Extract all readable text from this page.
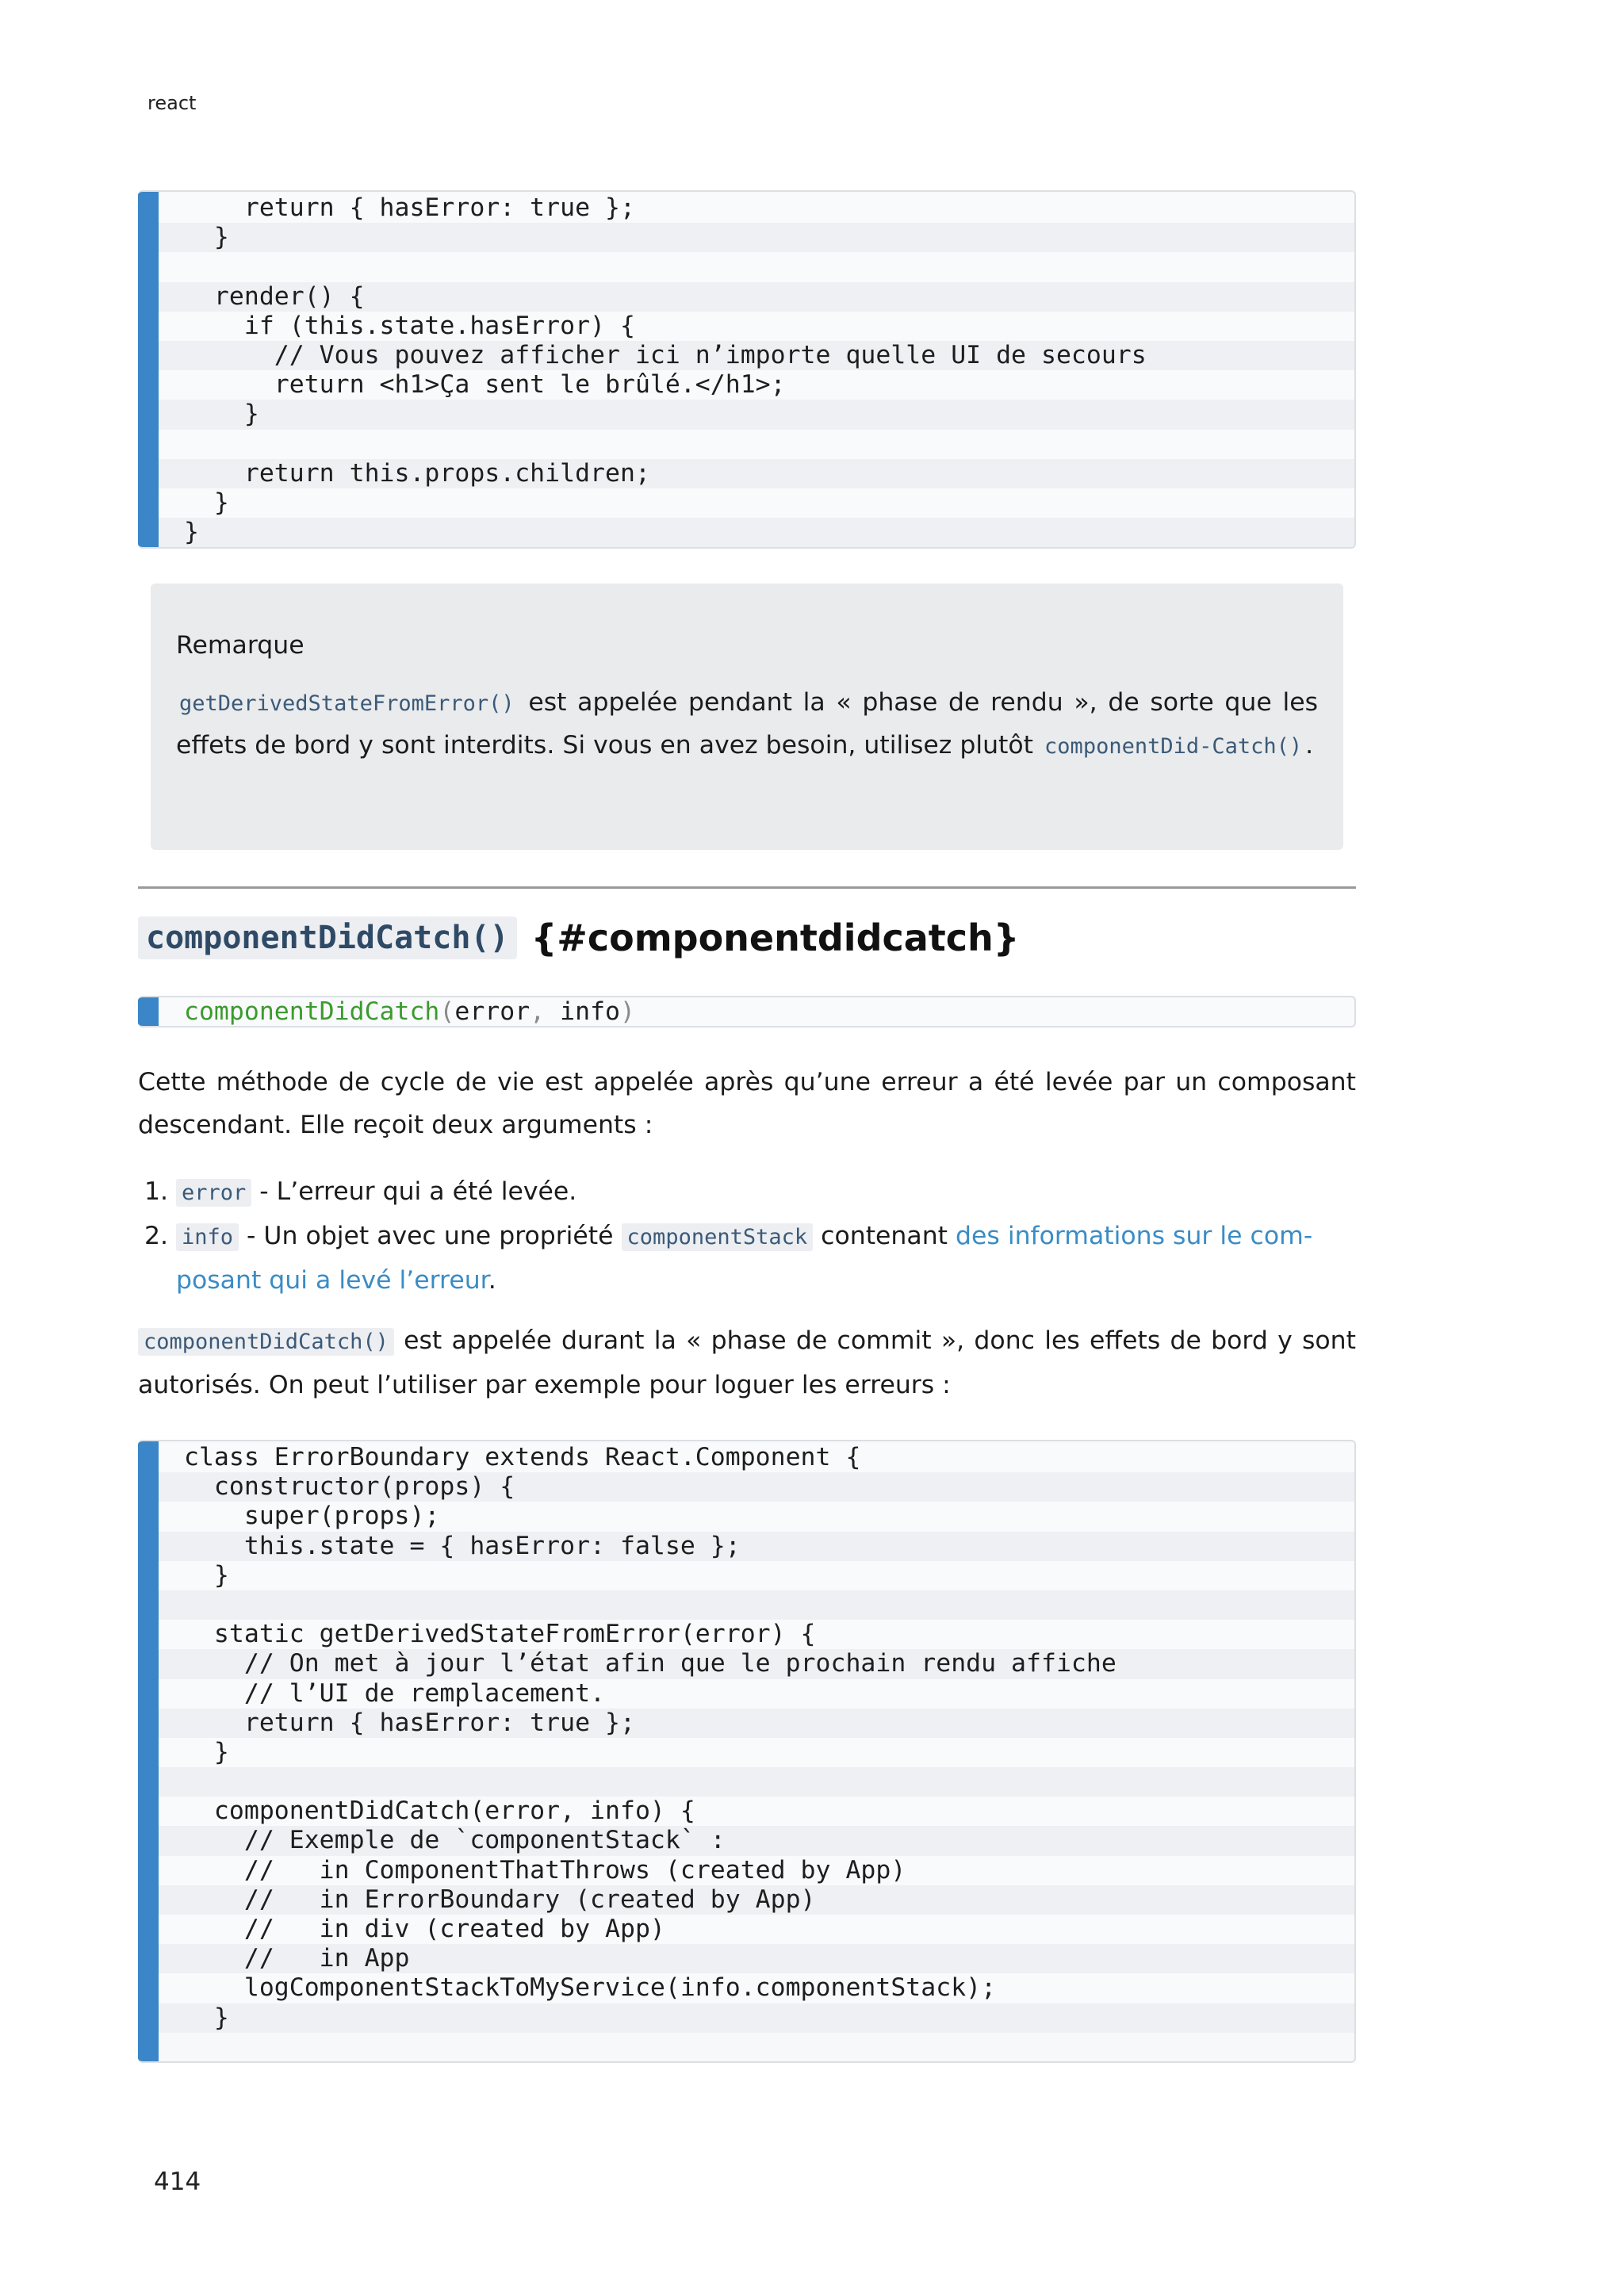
react
return { hasError: true };
}
render() {
if (this.state.hasError) {
// Vous pouvez afficher ici n’importe quelle UI de secours
return <h1>Ça sent le brûlé.</h1>;
}
return this.props.children;
}
}
Remarque
getDerivedStateFromError() est appelée pendant la « phase de rendu », de sorte que les effets de bord y sont interdits. Si vous en avez besoin, utilisez plutôt componentDid-Catch() .
componentDidCatch() {#componentdidcatch}
componentDidCatch(error, info)
Cette méthode de cycle de vie est appelée après qu’une erreur a été levée par un composant descendant. Elle reçoit deux arguments :
1. error - L’erreur qui a été levée.
2. info - Un objet avec une propriété componentStack contenant des informations sur le com-posant qui a levé l’erreur.
componentDidCatch() est appelée durant la « phase de commit », donc les effets de bord y sont autorisés. On peut l’utiliser par exemple pour loguer les erreurs :
class ErrorBoundary extends React.Component {
constructor(props) {
super(props);
this.state = { hasError: false };
}
static getDerivedStateFromError(error) {
// On met à jour l’état afin que le prochain rendu affiche
// l’UI de remplacement.
return { hasError: true };
}
componentDidCatch(error, info) {
// Exemple de `componentStack` :
//   in ComponentThatThrows (created by App)
//   in ErrorBoundary (created by App)
//   in div (created by App)
//   in App
logComponentStackToMyService(info.componentStack);
}
414
